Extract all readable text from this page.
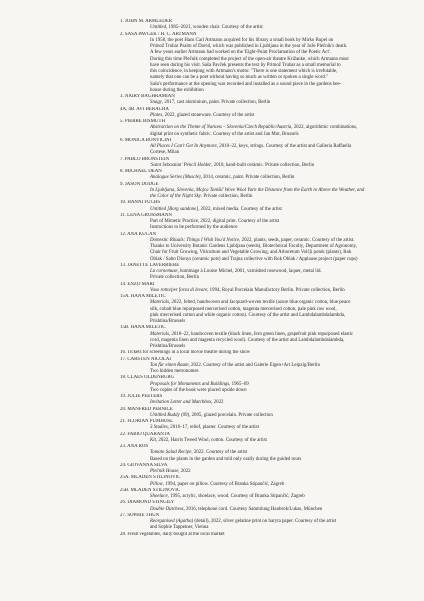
1. JOHN M. ARMLEDER
Untitled, 1985–2021, wooden chair. Courtesy of the artist
2. SAŠA PAVČEK / H. C. ARTMANN
In 1958, the poet Hans Carl Artmann acquired for his library a small book by Mirko Rupel on
Primož Trubar Psalm of David, which was published in Ljubljana in the year of Jože Plečnik's death.
A few years earlier Artmann had worked on the 'Eight-Point Proclamation of the Poetic Act'.
During this time Plečnik completed the project of the open-air theatre Križanke, which Artmann must
have seen during his visit. Saša Pavček presents the text by Primož Trubar as a small memorial to
this coincidence, in keeping with Artmann's motto: "There is one statement which is irrefutable,
namely that one can be a poet without having so much as written or spoken a single word."
Saša's performance at the opening was recorded and installed as a sound piece in the gardens bee-
house during the exhibition
3. NAIRY BAGHRAMIAN
Snagy, 2017, cast aluminium, paint. Private collection, Berlin
4A, 4B. AVI BERACHA
Plates, 2022, glazed stoneware. Courtesy of the artist
5. PIERRE BISMUTH
Abstraction on the Theme of Nations – Slovenia/Czech Republic/Austria, 2022, algorithmic combinations,
digital print on synthetic fabric. Courtesy of the artist and Jan Mot, Brussels
6. MONICA BONVICINI
All Places I Can't Get In Anymore, 2010–22, keys, strings. Courtesy of the artist and Galleria Raffaella
Cortese, Milan
7. PABLO BRONSTEIN
'Saint Sebastian' Pencil Holder, 2018, hand-built ceramic. Private collection, Berlin
8. MICHAEL DEAN
Analogue Series (Muscle), 2014, ceramic, paint. Private collection, Berlin
9. JASON DODGE
In Ljubljana, Slovenia, Mojca Tomšič Wove Wool Yarn the Distance from the Earth to Above the Weather, and
the Color of the Night Sky. Private collection, Berlin
10. HANNI FUCHS
Untitled [Borg sandone], 2022, mixed media. Courtesy of the artist
11. LENA GROSSMANN
Part of Mimetic Practice, 2022, digital print. Courtesy of the artist
Instructions to be performed by the audience
12. ANA KUČAN
Domestic Rituals: Things I Wish You'd Notice, 2022, plants, seeds, paper, ceramic. Courtesy of the artist.
Thanks to University Botanic Gardens Ljubljana (seeds), Biotechnical Faculty, Department of Agronomy,
Chair for Fruit Growing, Viticulture and Vegetable Growing, and Arboretum Volčji potok (plants), Rok
Oblak / Salto Dionys (ceramic pots) and Trajna collective with Rok Oblak / Applause project (paper cups)
13. JANETTE LAVERRIÈRE
La cornemuse, hommage à Louise Michel, 2001, varnished rosewood, laquer, metal lid.
Private collection, Berlin
14. ENZO MARI
Vaso rotto/per forza di levare, 1994, Royal Porcelain Manufactory Berlin. Private collection, Berlin
15A. HANA MILETIĆ
Materials, 2022, felted, handwoven and Jacquard-woven textile (azure blue organic cotton, blue peace
silk, cobalt blue repurposed mercerised cotton, magenta mercerised cotton, pale pink raw wool,
pink mercerised cotton and white organic cotton). Courtesy of the artist and Lambdalambdalambda,
Prishtina/Brussels
15B. HANA MILETIĆ
Materials, 2018–22, handwoven textile (black linen, fern green linen, grapefruit pink repurposed elastic
cord, magenta linen and magenta recycled wool). Courtesy of the artist and Lambdalambdalambda,
Prishtina/Brussels
16. Tickets for screenings in a local movie theatre during the show
17. CARSTEN NICOLAI
Ton für einen Raum, 2022. Courtesy of the artist and Galerie Eigen+Art Leipzig/Berlin
Two hidden metronomes
18. CLAES OLDENBURG
Proposals for Monuments and Buildings, 1965–69
Two copies of the book were placed upside down
19. JULIE PEETERS
Invitation Letter and Matchbox, 2022
20. MANFRED PERNICE
Untitled Buddy (09), 2005, glazed porcelain. Private collection
21. FLORIAN PUMHÖSL
3 Studies, 2016–17, relief, plaster. Courtesy of the artist
22. FABIO QUARANTA
Kit, 2022, Harris Tweed Wool, cotton. Courtesy of the artist
23. ANA ROŠ
Tomato Salad Recipe, 2022. Courtesy of the artist
Based on the plants in the garden and told only orally during the guided tours
24. GIOVANNA SILVA
Plečnik House, 2022
25A. MLADEN STILINOVIĆ
Pillow, 1994, paper on pillow. Courtesy of Branka Stipančić, Zagreb
25B. MLADEN STILINOVIĆ
Shoelace, 1995, acrylic, shoelace, wood. Courtesy of Branka Stipančić, Zagreb
26. DIAMOND STINGILY
Double Dutchess, 2016, telephone cord. Courtesy Sammlung Haubrok/Lukas, München
27. SOPHIE THUN
Reorganised (Agatha) (detail), 2022, silver gelatine print on baryta paper. Courtesy of the artist
and Sophie Tappeiner, Vienna
28. Fresh vegetables, daily bought at the local market
